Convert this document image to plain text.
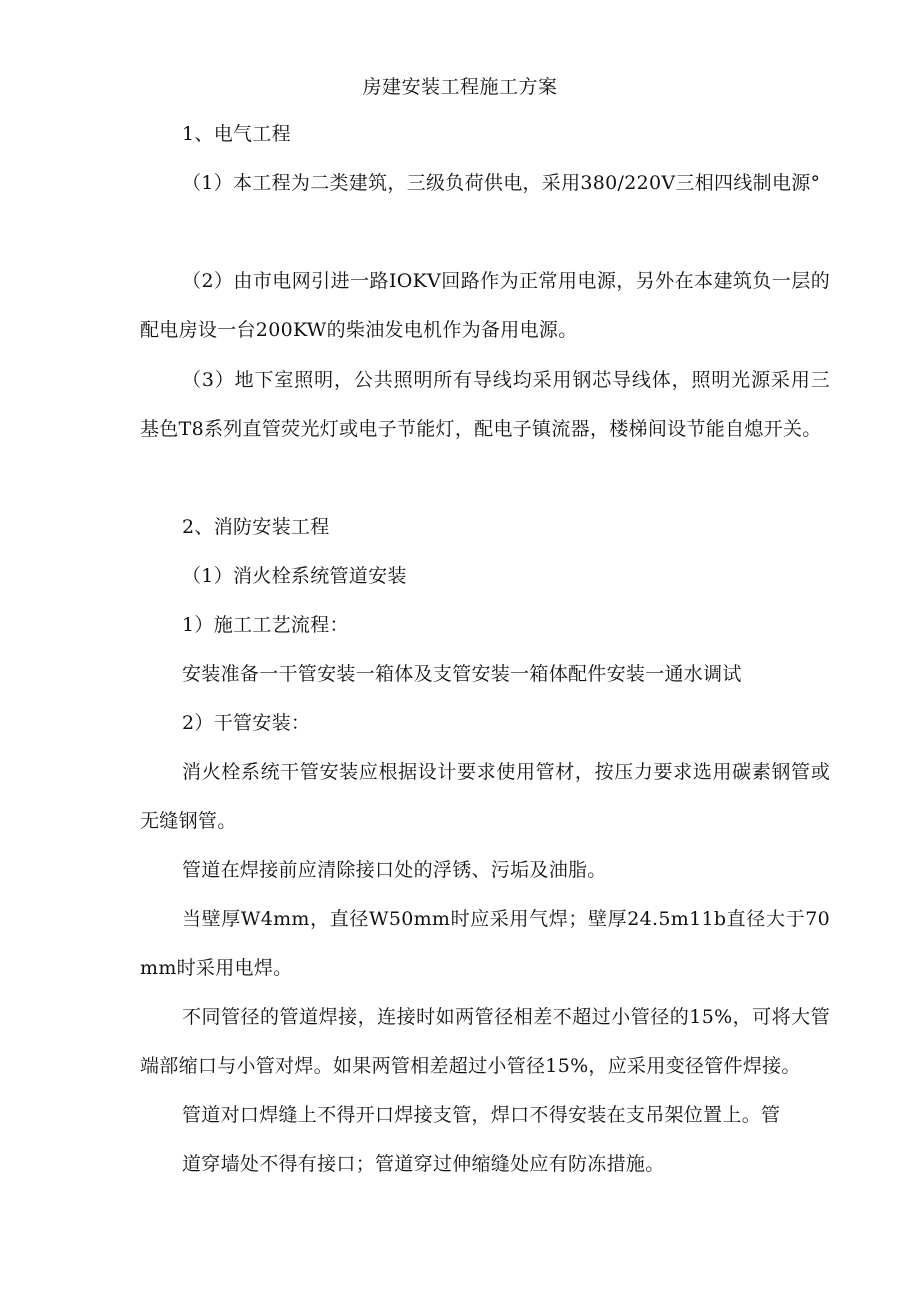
房建安装工程施工方案

1、电气工程

（1）本工程为二类建筑，三级负荷供电，采用380/220V三相四线制电源°

（2）由市电网引进一路IOKV回路作为正常用电源，另外在本建筑负一层的配电房设一台200KW的柴油发电机作为备用电源。

（3）地下室照明，公共照明所有导线均采用钢芯导线体，照明光源采用三基色T8系列直管荧光灯或电子节能灯，配电子镇流器，楼梯间设节能自熄开关。

2、消防安装工程

（1）消火栓系统管道安装

1）施工工艺流程：

安装准备一干管安装一箱体及支管安装一箱体配件安装一通水调试

2）干管安装：

消火栓系统干管安装应根据设计要求使用管材，按压力要求选用碳素钢管或无缝钢管。

管道在焊接前应清除接口处的浮锈、污垢及油脂。

当壁厚W4mm，直径W50mm时应采用气焊；壁厚24.5m11b直径大于70mm时采用电焊。

不同管径的管道焊接，连接时如两管径相差不超过小管径的15%，可将大管端部缩口与小管对焊。如果两管相差超过小管径15%，应采用变径管件焊接。

管道对口焊缝上不得开口焊接支管，焊口不得安装在支吊架位置上。管

道穿墙处不得有接口；管道穿过伸缩缝处应有防冻措施。
